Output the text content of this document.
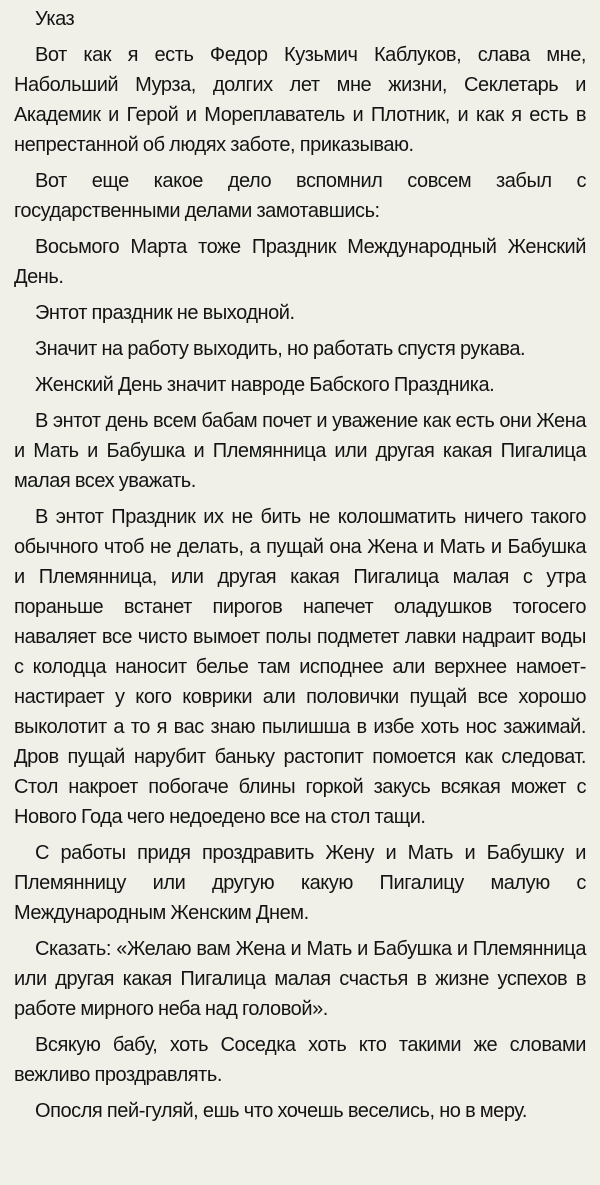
Указ

Вот как я есть Федор Кузьмич Каблуков, слава мне, Набольший Мурза, долгих лет мне жизни, Секлетарь и Академик и Герой и Мореплаватель и Плотник, и как я есть в непрестанной об людях заботе, приказываю.

Вот еще какое дело вспомнил совсем забыл с государственными делами замотавшись:

Восьмого Марта тоже Праздник Международный Женский День.

Энтот праздник не выходной.

Значит на работу выходить, но работать спустя рукава.

Женский День значит навроде Бабского Праздника.

В энтот день всем бабам почет и уважение как есть они Жена и Мать и Бабушка и Племянница или другая какая Пигалица малая всех уважать.

В энтот Праздник их не бить не колошматить ничего такого обычного чтоб не делать, а пущай она Жена и Мать и Бабушка и Племянница, или другая какая Пигалица малая с утра пораньше встанет пирогов напечет оладушков тогосего наваляет все чисто вымоет полы подметет лавки надраит воды с колодца наносит белье там исподнее али верхнее намоет-настирает у кого коврики али половички пущай все хорошо выколотит а то я вас знаю пылишша в избе хоть нос зажимай. Дров пущай нарубит баньку растопит помоется как следоват. Стол накроет побогаче блины горкой закусь всякая может с Нового Года чего недоедено все на стол тащи.

С работы придя проздравить Жену и Мать и Бабушку и Племянницу или другую какую Пигалицу малую с Международным Женским Днем.

Сказать: «Желаю вам Жена и Мать и Бабушка и Племянница или другая какая Пигалица малая счастья в жизне успехов в работе мирного неба над головой».

Всякую бабу, хоть Соседка хоть кто такими же словами вежливо проздравлять.

Опосля пей-гуляй, ешь что хочешь веселись, но в меру.
